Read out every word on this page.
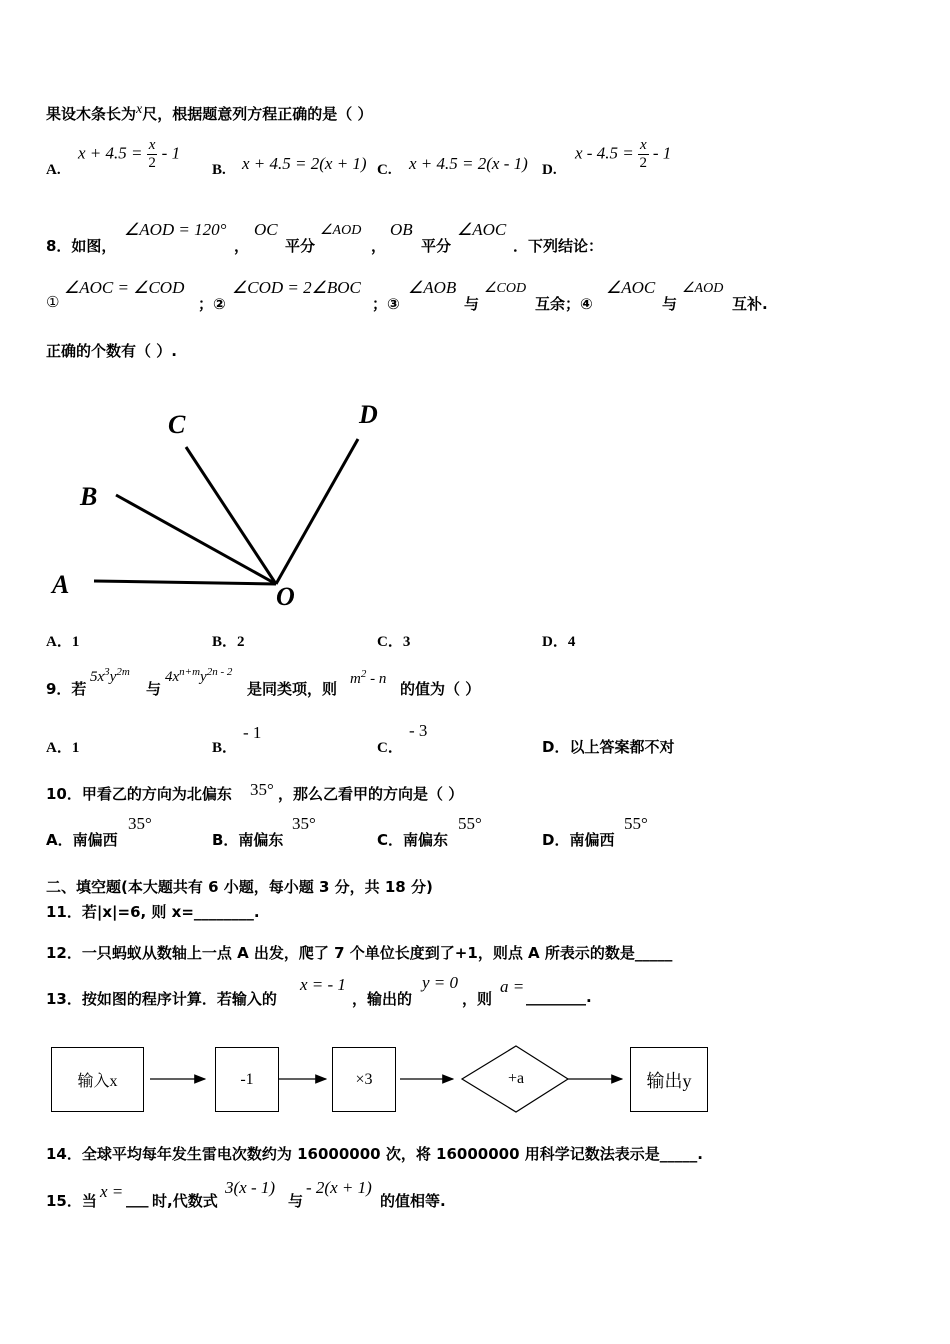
果设木条长为x尺，根据题意列方程正确的是（ ）
A.
$x + 4.5 = \frac{x}{2} - 1$
B. x + 4.5 = 2(x + 1) C. x + 4.5 = 2(x - 1) D.
$x - 4.5 = \frac{x}{2} - 1$
8．如图，
∠AOD = 120°
，
OC
平分
∠AOD
，
OB
平分
∠AOC
．下列结论：
①
∠AOC = ∠COD
；②
∠COD = 2∠BOC
；③
∠AOB
与
∠COD
互余；④
∠AOC
与
∠AOD
互补.
正确的个数有（ ）.
A
B
C	D
O
A．1	B．2	C．3	D．4
9．若
$5x^3y^{2m}$
与
$4x^{n+m}y^{2n - 2}$
是同类项，则
$m^2$ - n
的值为（ ）
A．1	B．
- 1
C．
- 3
D．以上答案都不对
10．甲看乙的方向为北偏东 35° ，那么乙看甲的方向是（ ）
A．南偏西
35°
B．南偏东
35°
C．南偏东
55°
D．南偏西
55°
二、填空题(本大题共有 6 小题，每小题 3 分，共 18 分)
11．若|x|=6, 则 x=________.
12．一只蚂蚁从数轴上一点 A 出发，爬了 7 个单位长度到了+1，则点 A 所表示的数是_____
13．按如图的程序计算．若输入的
x = - 1
，输出的
y = 0
，则
a =
________.
输入x	-1	×3	输出y
+a
14．全球平均每年发生雷电次数约为 16000000 次，将 16000000 用科学记数法表示是_____.
15．当 x = ___ 时,代数式
3(x - 1)
与
- 2(x + 1)
的值相等.
